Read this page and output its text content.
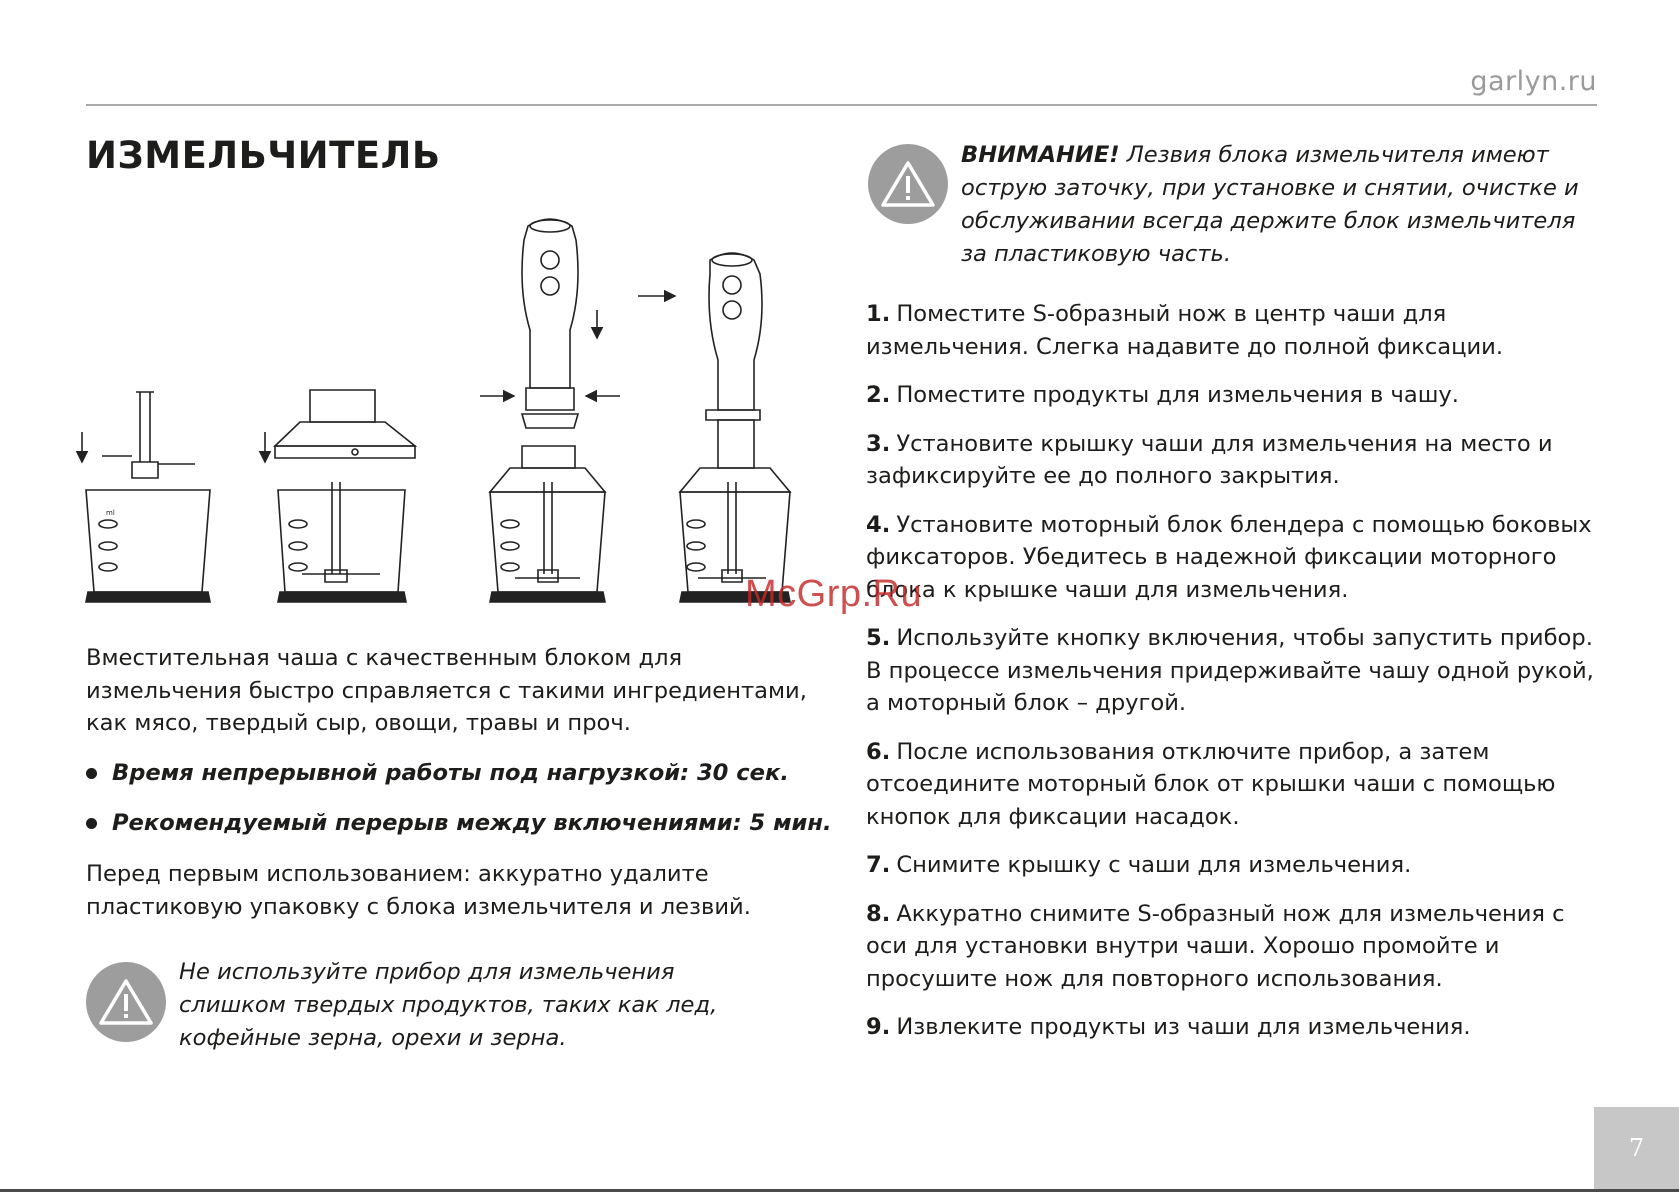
garlyn.ru
ИЗМЕЛЬЧИТЕЛЬ
ml

Вместительная чаша с качественным блоком для измельчения быстро справляется с такими ингредиентами, как мясо, твердый сыр, овощи, травы и проч.

Время непрерывной работы под нагрузкой: 30 сек.
Рекомендуемый перерыв между включениями: 5 мин.

Перед первым использованием: аккуратно удалите пластиковую упаковку с блока измельчителя и лезвий.

Не используйте прибор для измельчения слишком твердых продуктов, таких как лед, кофейные зерна, орехи и зерна.

ВНИМАНИЕ! Лезвия блока измельчителя имеют острую заточку, при установке и снятии, очистке и обслуживании всегда держите блок измельчителя за пластиковую часть.

1. Поместите S-образный нож в центр чаши для измельчения. Слегка надавите до полной фиксации.
2. Поместите продукты для измельчения в чашу.
3. Установите крышку чаши для измельчения на место и зафиксируйте ее до полного закрытия.
4. Установите моторный блок блендера с помощью боковых фиксаторов. Убедитесь в надежной фиксации моторного блока к крышке чаши для измельчения.
5. Используйте кнопку включения, чтобы запустить прибор. В процессе измельчения придерживайте чашу одной рукой, а моторный блок – другой.
6. После использования отключите прибор, а затем отсоедините моторный блок от крышки чаши с помощью кнопок для фиксации насадок.
7. Снимите крышку с чаши для измельчения.
8. Аккуратно снимите S-образный нож для измельчения с оси для установки внутри чаши. Хорошо промойте и просушите нож для повторного использования.
9. Извлеките продукты из чаши для измельчения.
McGrp.Ru
7
